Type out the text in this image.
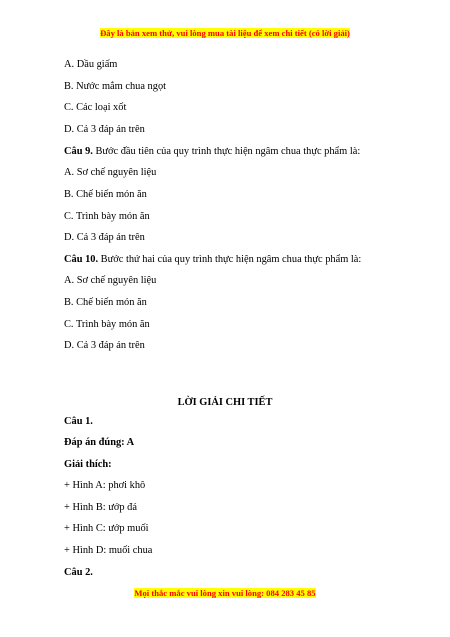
Đây là bản xem thử, vui lòng mua tài liệu để xem chi tiết (có lời giải)
A. Dầu giấm
B. Nước mắm chua ngọt
C. Các loại xốt
D. Cả 3 đáp án trên
Câu 9. Bước đầu tiên của quy trình thực hiện ngâm chua thực phẩm là:
A. Sơ chế nguyên liệu
B. Chế biến món ăn
C. Trình bày món ăn
D. Cả 3 đáp án trên
Câu 10. Bước thứ hai của quy trình thực hiện ngâm chua thực phẩm là:
A. Sơ chế nguyên liệu
B. Chế biến món ăn
C. Trình bày món ăn
D. Cả 3 đáp án trên
LỜI GIẢI CHI TIẾT
Câu 1.
Đáp án đúng: A
Giải thích:
+ Hình A: phơi khô
+ Hình B: ướp đá
+ Hình C: ướp muối
+ Hình D: muối chua
Câu 2.
Mọi thắc mắc vui lòng xin vui lòng: 084 283 45 85
